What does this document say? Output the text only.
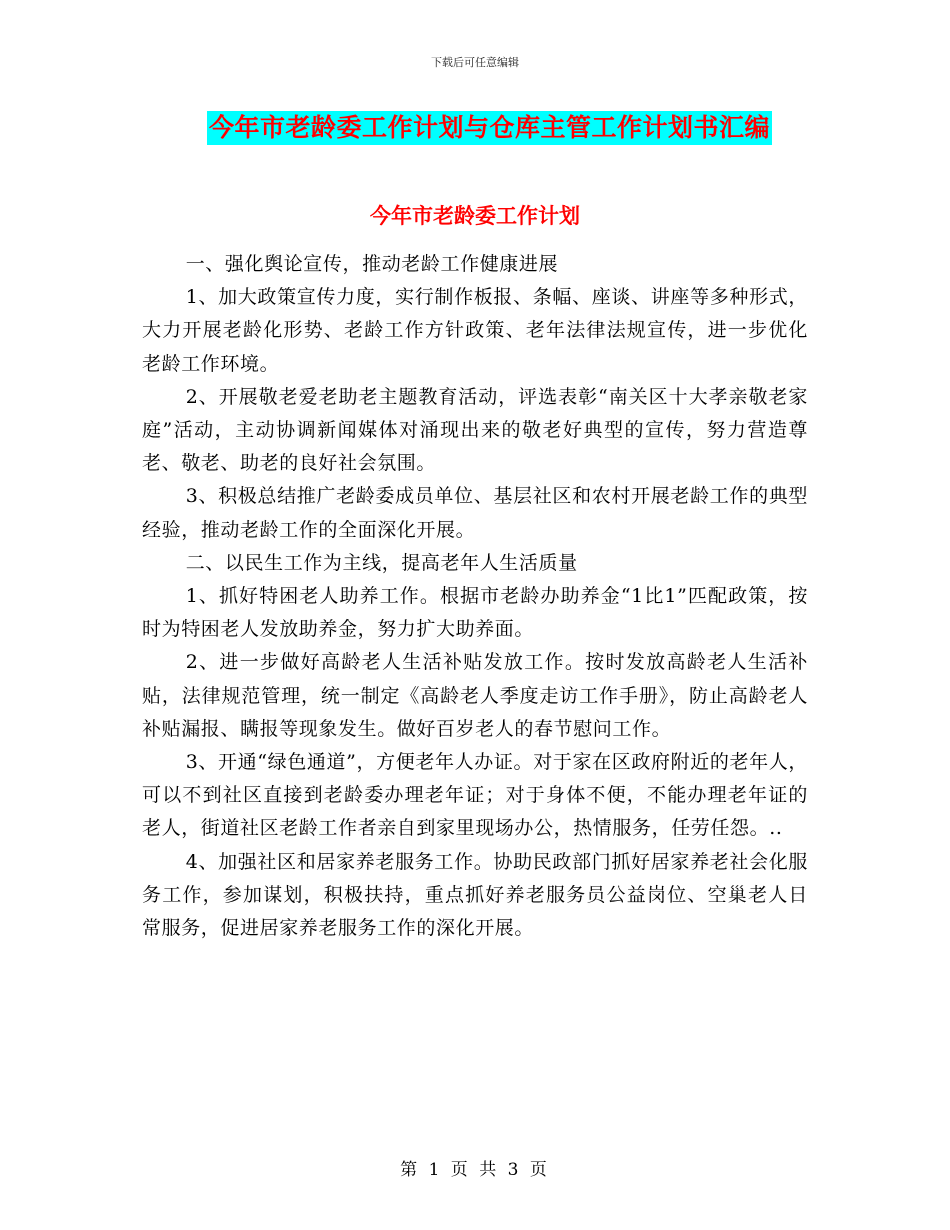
下载后可任意编辑
今年市老龄委工作计划与仓库主管工作计划书汇编
今年市老龄委工作计划

一、强化舆论宣传，推动老龄工作健康进展

1、加大政策宣传力度，实行制作板报、条幅、座谈、讲座等多种形式，大力开展老龄化形势、老龄工作方针政策、老年法律法规宣传，进一步优化老龄工作环境。

2、开展敬老爱老助老主题教育活动，评选表彰“南关区十大孝亲敬老家庭”活动，主动协调新闻媒体对涌现出来的敬老好典型的宣传，努力营造尊老、敬老、助老的良好社会氛围。

3、积极总结推广老龄委成员单位、基层社区和农村开展老龄工作的典型经验，推动老龄工作的全面深化开展。

二、以民生工作为主线，提高老年人生活质量

1、抓好特困老人助养工作。根据市老龄办助养金“1比1”匹配政策，按时为特困老人发放助养金，努力扩大助养面。

2、进一步做好高龄老人生活补贴发放工作。按时发放高龄老人生活补贴，法律规范管理，统一制定《高龄老人季度走访工作手册》，防止高龄老人补贴漏报、瞒报等现象发生。做好百岁老人的春节慰问工作。

3、开通“绿色通道”，方便老年人办证。对于家在区政府附近的老年人，可以不到社区直接到老龄委办理老年证；对于身体不便，不能办理老年证的老人，街道社区老龄工作者亲自到家里现场办公，热情服务，任劳任怨。..

4、加强社区和居家养老服务工作。协助民政部门抓好居家养老社会化服务工作，参加谋划，积极扶持，重点抓好养老服务员公益岗位、空巢老人日常服务，促进居家养老服务工作的深化开展。

第 1 页 共 3 页
